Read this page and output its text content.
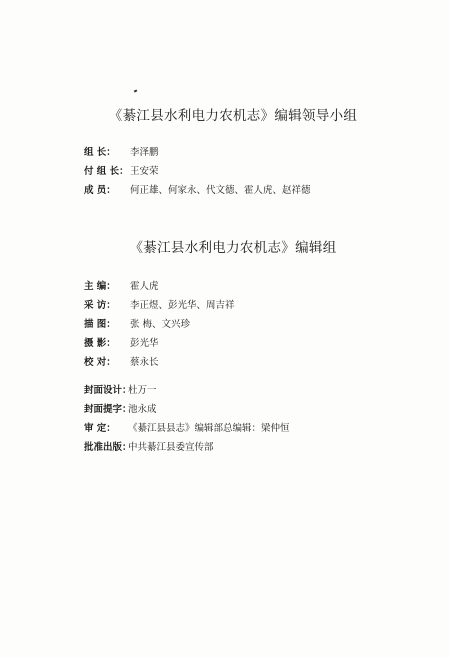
《綦江县水利电力农机志》编辑领导小组
组 长： 李泽鹏
付 组 长：王安荣
成 员： 何正雄、何家永、代文德、霍人虎、赵祥德
《綦江县水利电力农机志》编辑组
主 编： 霍人虎
采 访： 李正煜、彭光华、周吉祥
描 图： 张 梅、文兴珍
摄 影： 彭光华
校 对： 蔡永长
封面设计：杜万一
封面提字：池永成
审 定： 《綦江县县志》编辑部总编辑：梁仲恒
批准出版：中共綦江县委宣传部
